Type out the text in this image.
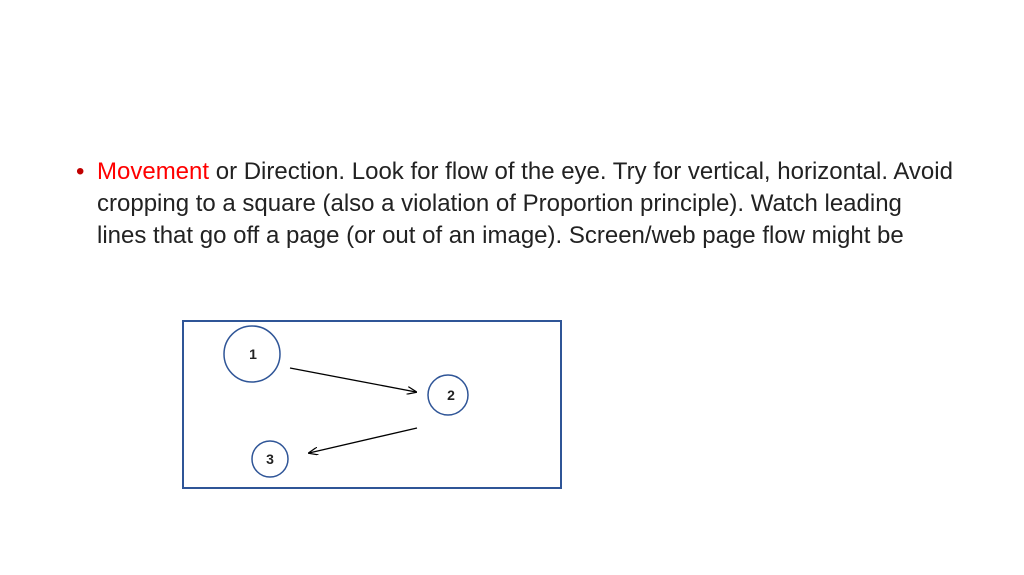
• Movement or Direction. Look for flow of the eye. Try for vertical, horizontal. Avoid cropping to a square (also a violation of Proportion principle). Watch leading lines that go off a page (or out of an image). Screen/web page flow might be
1
2
3
